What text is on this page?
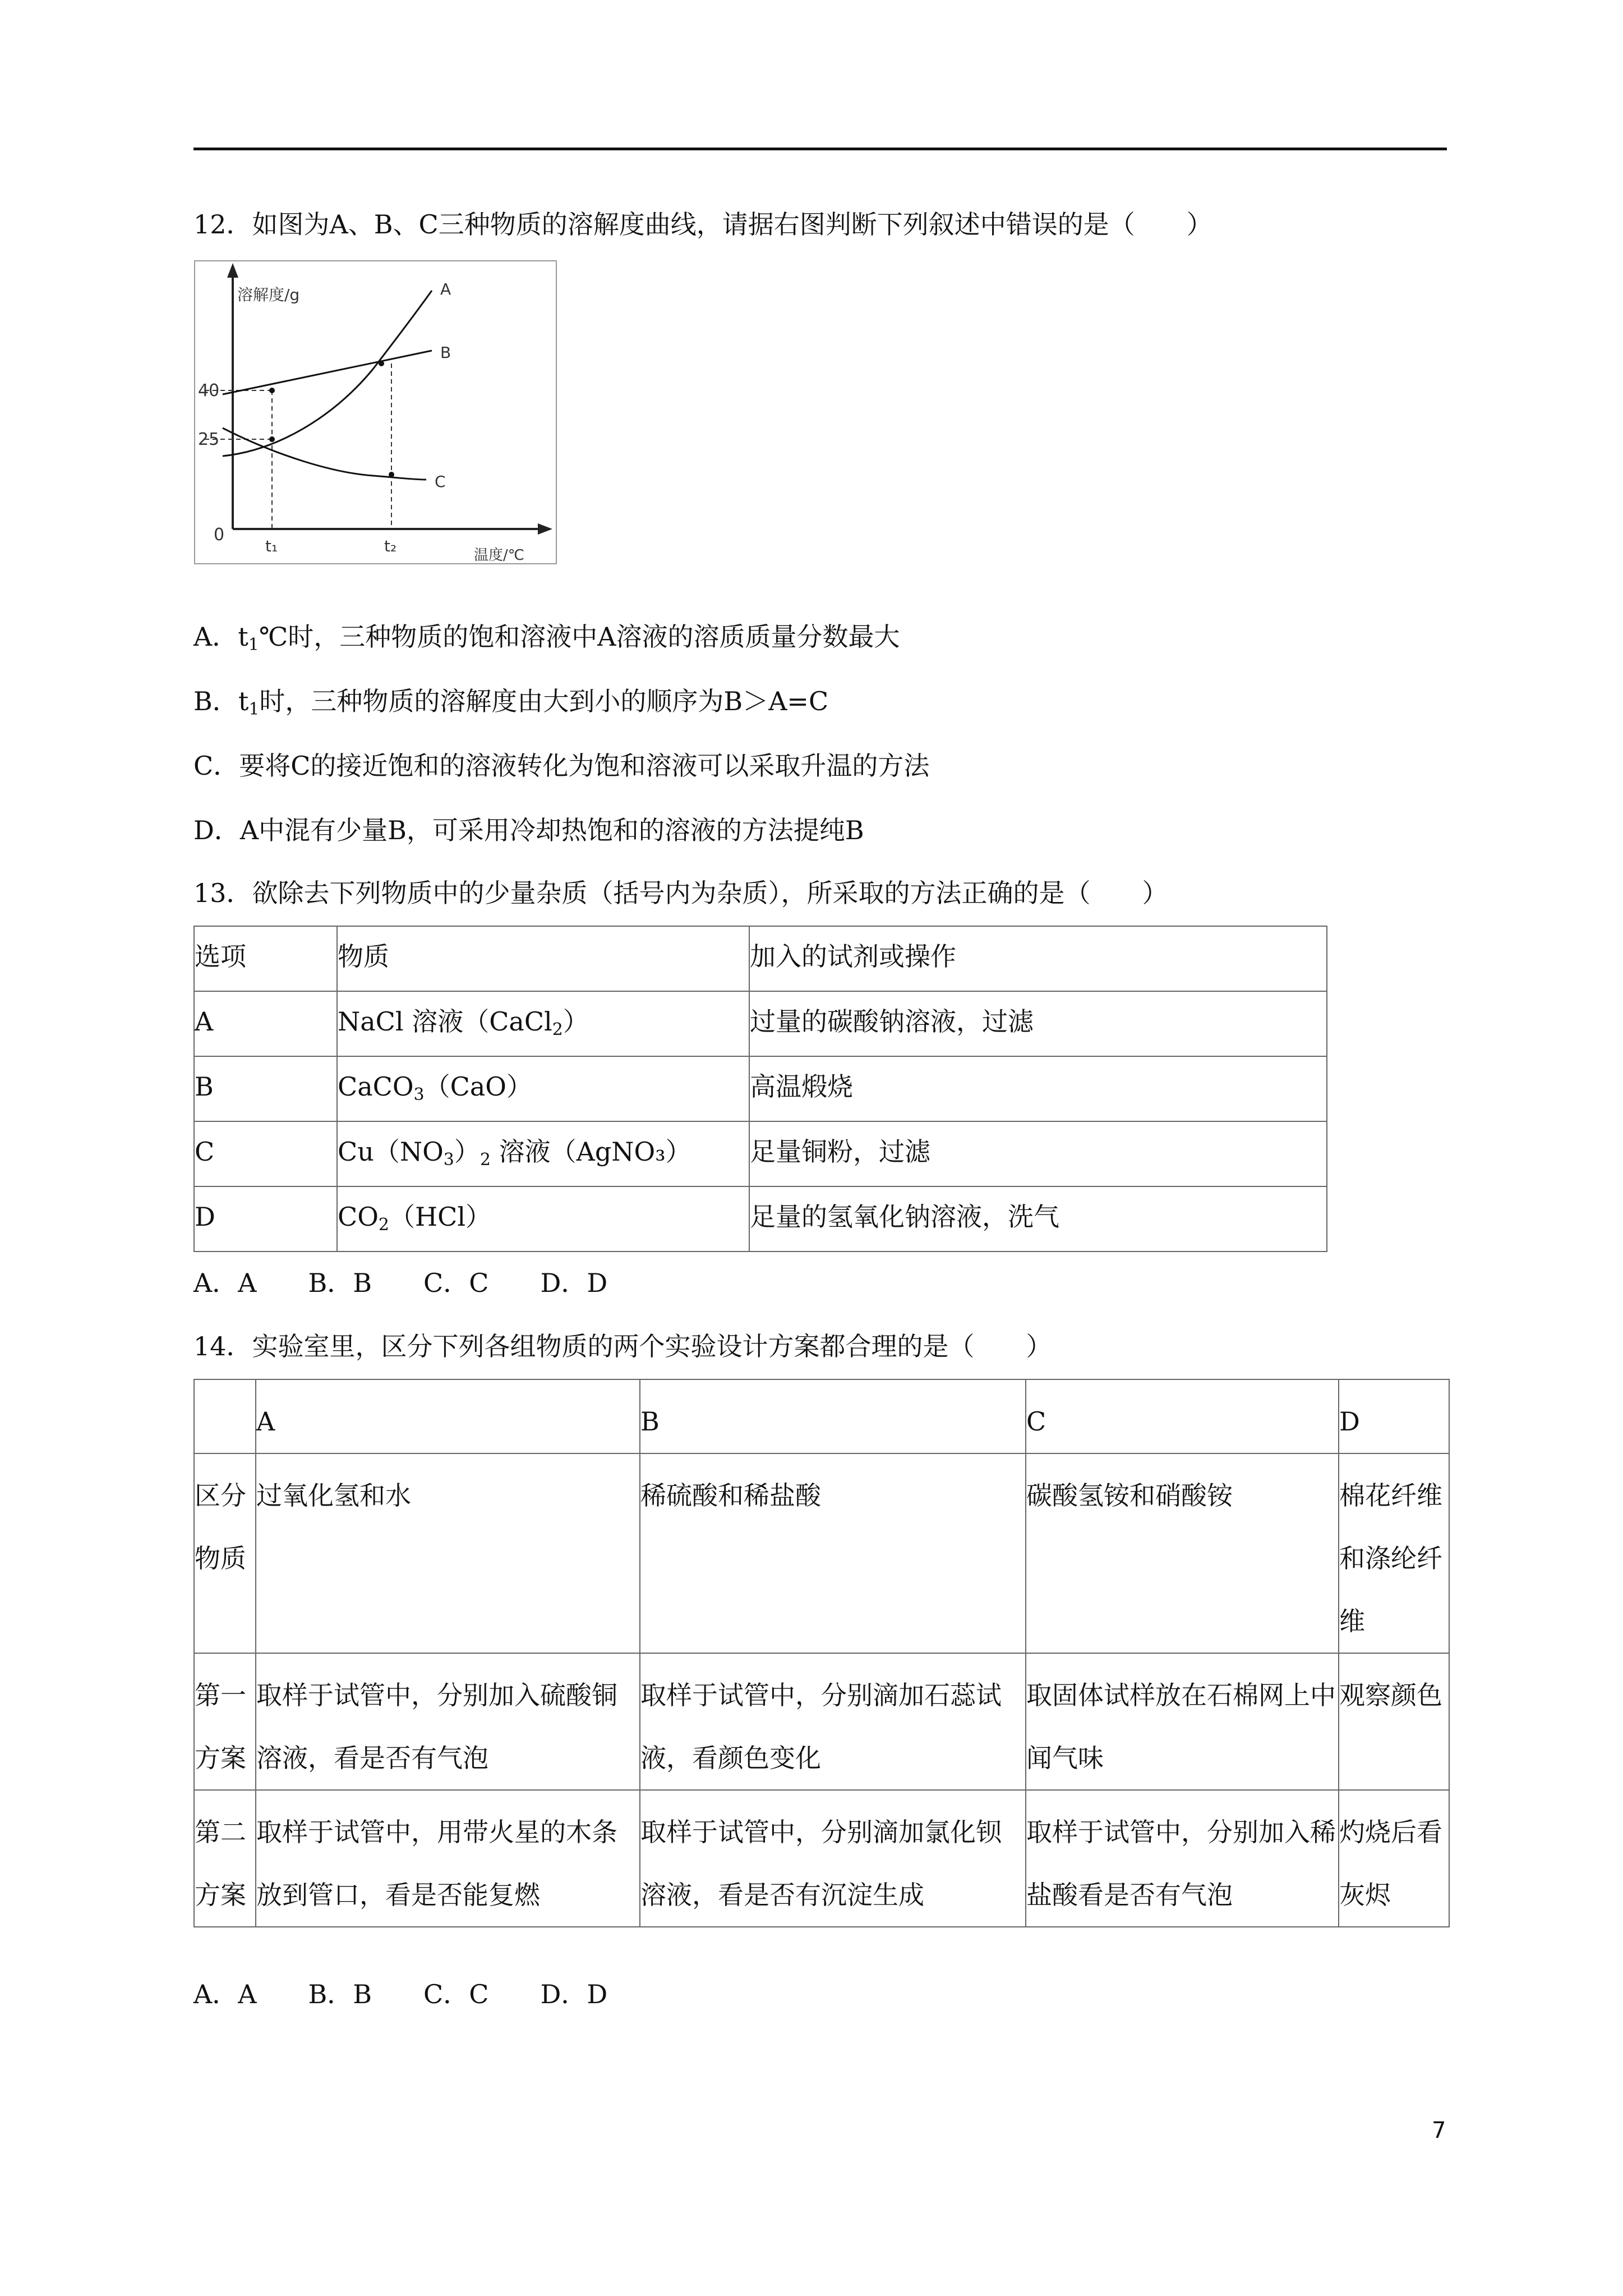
12．如图为A、B、C三种物质的溶解度曲线，请据右图判断下列叙述中错误的是（　　）
溶解度/g	A
B
C
40
25
0
t₁	t₂	温度/℃
A．$t_1℃$时，三种物质的饱和溶液中A溶液的溶质质量分数最大
B．$t_1$时，三种物质的溶解度由大到小的顺序为B＞A=C
C．要将C的接近饱和的溶液转化为饱和溶液可以采取升温的方法
D．A中混有少量B，可采用冷却热饱和的溶液的方法提纯B
13．欲除去下列物质中的少量杂质（括号内为杂质），所采取的方法正确的是（　　）
选项	物质	加入的试剂或操作
A	NaCl 溶液（CaCl$_2$）	过量的碳酸钠溶液，过滤
B	CaCO$_3$（CaO）	高温煅烧
C	$Cu(NO_3)_2$ 溶液（AgNO₃）	足量铜粉，过滤
D	$CO_2(HCl)$	足量的氢氧化钠溶液，洗气
A．A　　B．B　　C．C　　D．D
14．实验室里，区分下列各组物质的两个实验设计方案都合理的是（　　）
	A	B	C	D
区分物质	过氧化氢和水	稀硫酸和稀盐酸	碳酸氢铵和硝酸铵	棉花纤维和涤纶纤维
第一方案	取样于试管中，分别加入硫酸铜溶液，看是否有气泡	取样于试管中，分别滴加石蕊试液，看颜色变化	取固体试样放在石棉网上中闻气味	观察颜色
第二方案	取样于试管中，用带火星的木条放到管口，看是否能复燃	取样于试管中，分别滴加氯化钡溶液，看是否有沉淀生成	取样于试管中，分别加入稀盐酸看是否有气泡	灼烧后看灰烬
A．A　　B．B　　C．C　　D．D
7
